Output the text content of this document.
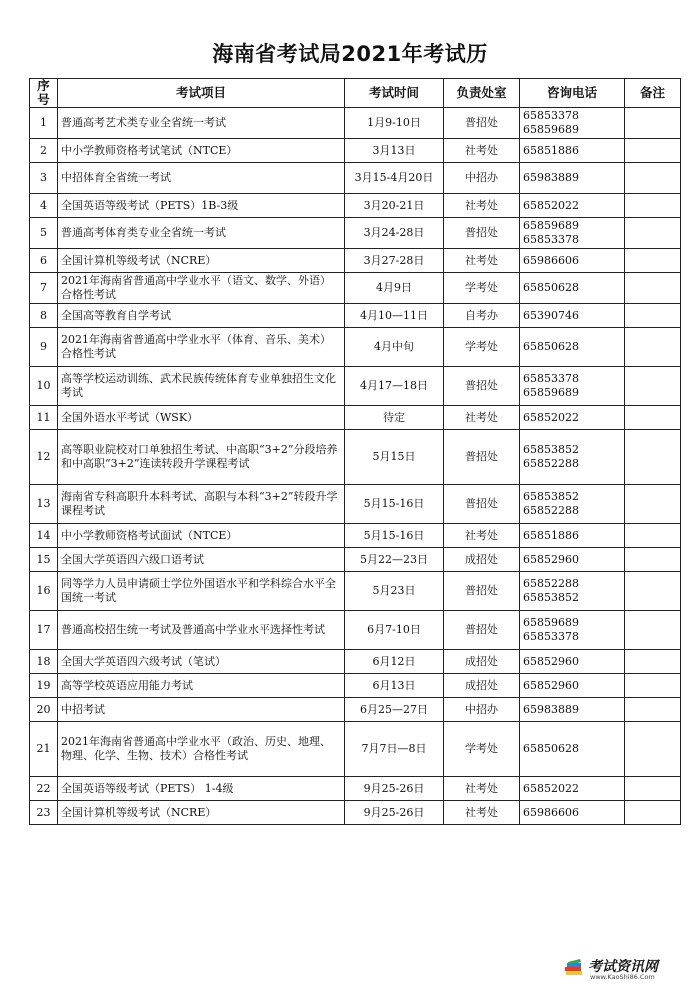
海南省考试局2021年考试历
序号	考试项目	考试时间	负责处室	咨询电话	备注
1	普通高考艺术类专业全省统一考试	1月9-10日	普招处	65853378
65859689	

2	中小学教师资格考试笔试（NTCE）	3月13日	社考处	65851886	

3	中招体育全省统一考试	3月15-4月20日	中招办	65983889	

4	全国英语等级考试（PETS）1B-3级	3月20-21日	社考处	65852022	

5	普通高考体育类专业全省统一考试	3月24-28日	普招处	65859689
65853378	

6	全国计算机等级考试（NCRE）	3月27-28日	社考处	65986606	

7	2021年海南省普通高中学业水平（语文、数学、外语）合格性考试	4月9日	学考处	65850628	

8	全国高等教育自学考试	4月10—11日	自考办	65390746	

9	2021年海南省普通高中学业水平（体育、音乐、美术）合格性考试	4月中旬	学考处	65850628	

10	高等学校运动训练、武术民族传统体育专业单独招生文化考试	4月17—18日	普招处	65853378
65859689	

11	全国外语水平考试（WSK）	待定	社考处	65852022	

12	高等职业院校对口单独招生考试、中高职“3+2”分段培养和中高职“3+2”连读转段升学课程考试	5月15日	普招处	65853852
65852288	

13	海南省专科高职升本科考试、高职与本科“3+2”转段升学课程考试	5月15-16日	普招处	65853852
65852288	

14	中小学教师资格考试面试（NTCE）	5月15-16日	社考处	65851886	

15	全国大学英语四六级口语考试	5月22—23日	成招处	65852960	

16	同等学力人员申请硕士学位外国语水平和学科综合水平全国统一考试	5月23日	普招处	65852288
65853852	

17	普通高校招生统一考试及普通高中学业水平选择性考试	6月7-10日	普招处	65859689
65853378	

18	全国大学英语四六级考试（笔试）	6月12日	成招处	65852960	

19	高等学校英语应用能力考试	6月13日	成招处	65852960	

20	中招考试	6月25—27日	中招办	65983889	

21	2021年海南省普通高中学业水平（政治、历史、地理、物理、化学、生物、技术）合格性考试	7月7日—8日	学考处	65850628	

22	全国英语等级考试（PETS） 1-4级	9月25-26日	社考处	65852022	

23	全国计算机等级考试（NCRE）	9月25-26日	社考处	65986606	

考试资讯网
www.KaoShi86.Com
